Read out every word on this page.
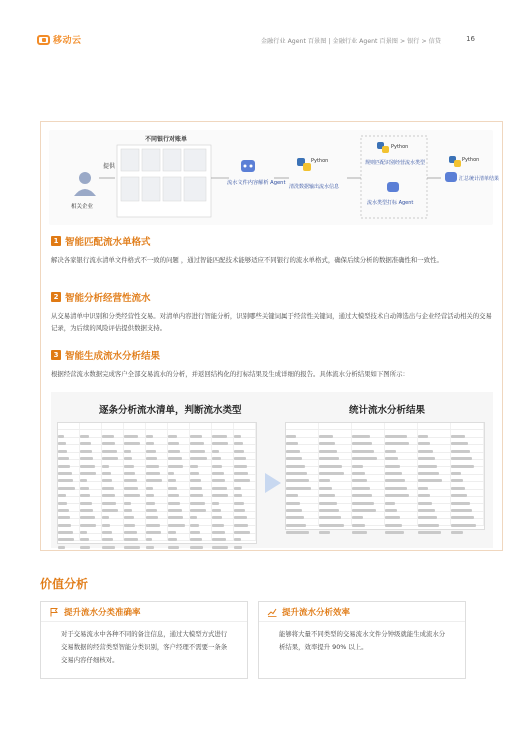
移动云	金融行业 Agent 百景图 | 金融行业 Agent 百景图 > 银行 > 信贷	16
提供
相关企业
不同银行对账单
流水文件内容解析 Agent
Python
清洗数据输出流水信息
Python
规则匹配识别经营流水类型
流水类型打标 Agent
Python
汇总统计清单结果
1 智能匹配流水单格式
解决各家银行流水清单文件格式不一致的问题 ，通过智能匹配技术能够适应不同银行的流水单格式，确保后续分析的数据准确性和一致性。
2 智能分析经营性流水
从交易清单中识别和分类经营性交易。对清单内容进行智能分析，识别哪些关键词属于经营性关键词，通过大模型技术自动筛选出与企业经营活动相关的交易记录，为后续的风险评估提供数据支持。
3 智能生成流水分析结果
根据经营流水数据完成客户全部交易流水的分析，并返回结构化的打标结果及生成详细的报告。具体流水分析结果如下图所示：
逐条分析流水清单，判断流水类型	统计流水分析结果
价值分析
提升流水分类准确率
对于交易流水中各种不同的备注信息，通过大模型方式进行交易数据的经营类型智能分类识别，客户经理不需要一条条交易内容仔细核对。
提升流水分析效率
能够将大量不同类型的交易流水文件分钟级就能生成流水分析结果，效率提升 90% 以上。
